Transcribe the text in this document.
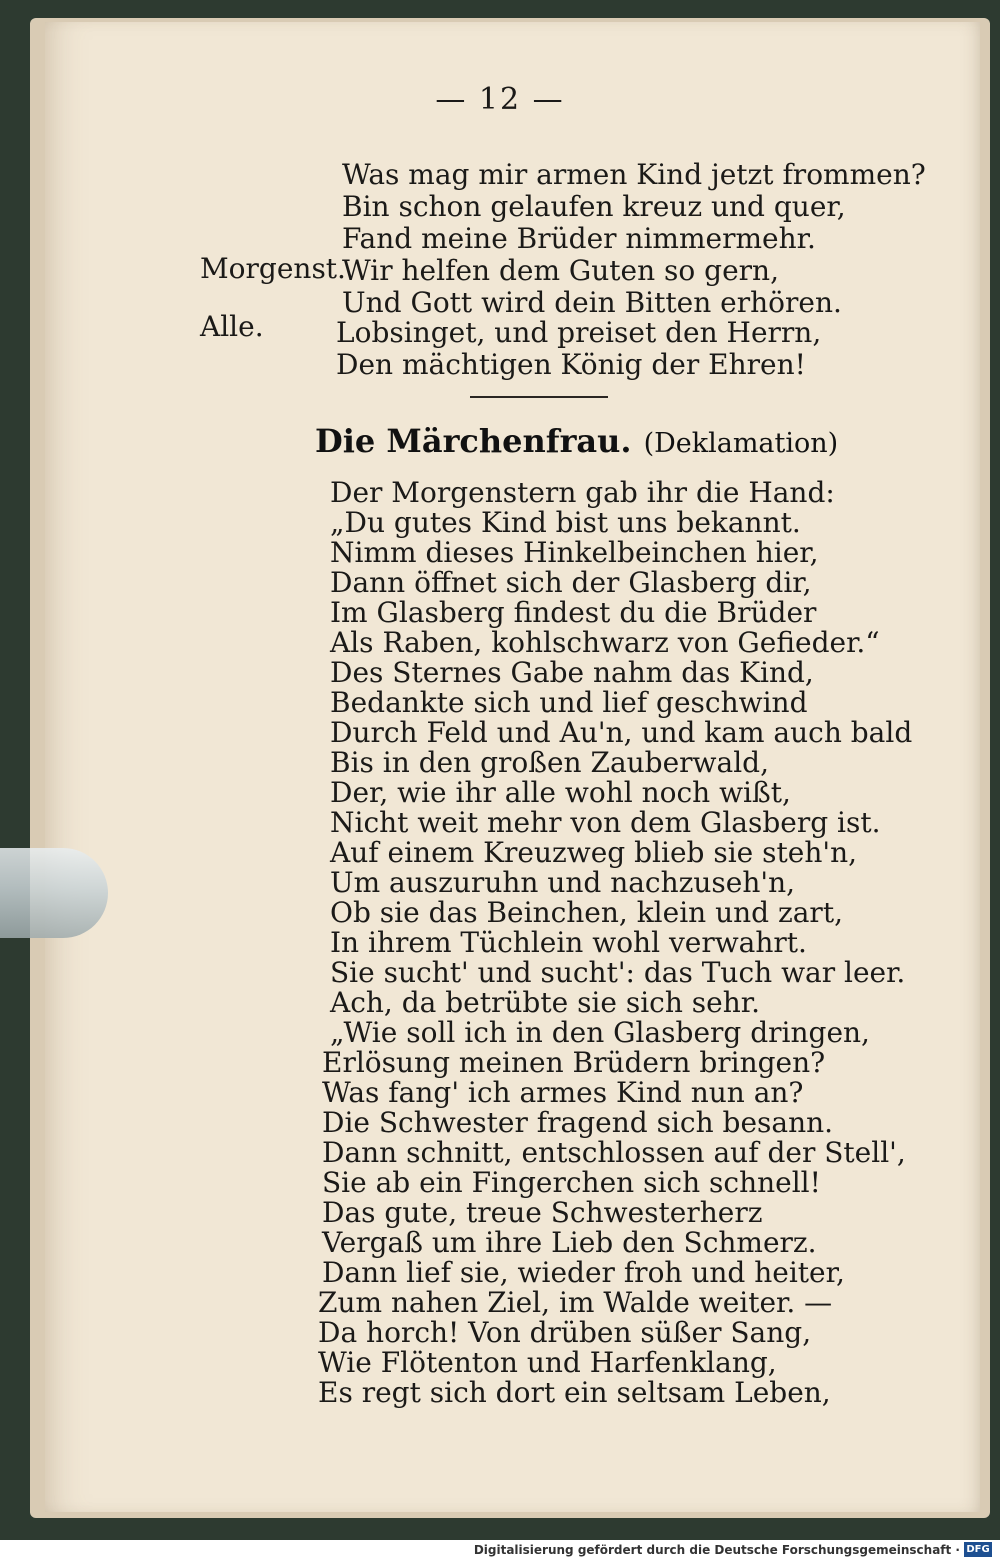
— 12 —
Was mag mir armen Kind jetzt frommen?
Bin schon gelaufen kreuz und quer,
Fand meine Brüder nimmermehr.
Morgenst.
Wir helfen dem Guten so gern,
Und Gott wird dein Bitten erhören.
Alle.	Lobsinget, und preiset den Herrn,
Den mächtigen König der Ehren!
Die Märchenfrau. (Deklamation)
Der Morgenstern gab ihr die Hand:
„Du gutes Kind bist uns bekannt.
Nimm dieses Hinkelbeinchen hier,
Dann öffnet sich der Glasberg dir,
Im Glasberg findest du die Brüder
Als Raben, kohlschwarz von Gefieder.“
Des Sternes Gabe nahm das Kind,
Bedankte sich und lief geschwind
Durch Feld und Au'n, und kam auch bald
Bis in den großen Zauberwald,
Der, wie ihr alle wohl noch wißt,
Nicht weit mehr von dem Glasberg ist.
Auf einem Kreuzweg blieb sie steh'n,
Um auszuruhn und nachzuseh'n,
Ob sie das Beinchen, klein und zart,
In ihrem Tüchlein wohl verwahrt.
Sie sucht' und sucht': das Tuch war leer.
Ach, da betrübte sie sich sehr.
„Wie soll ich in den Glasberg dringen,
Erlösung meinen Brüdern bringen?
Was fang' ich armes Kind nun an?
Die Schwester fragend sich besann.
Dann schnitt, entschlossen auf der Stell',
Sie ab ein Fingerchen sich schnell!
Das gute, treue Schwesterherz
Vergaß um ihre Lieb den Schmerz.
Dann lief sie, wieder froh und heiter,
Zum nahen Ziel, im Walde weiter. —
Da horch! Von drüben süßer Sang,
Wie Flötenton und Harfenklang,
Es regt sich dort ein seltsam Leben,
Digitalisierung gefördert durch die Deutsche Forschungsgemeinschaft · DFG
